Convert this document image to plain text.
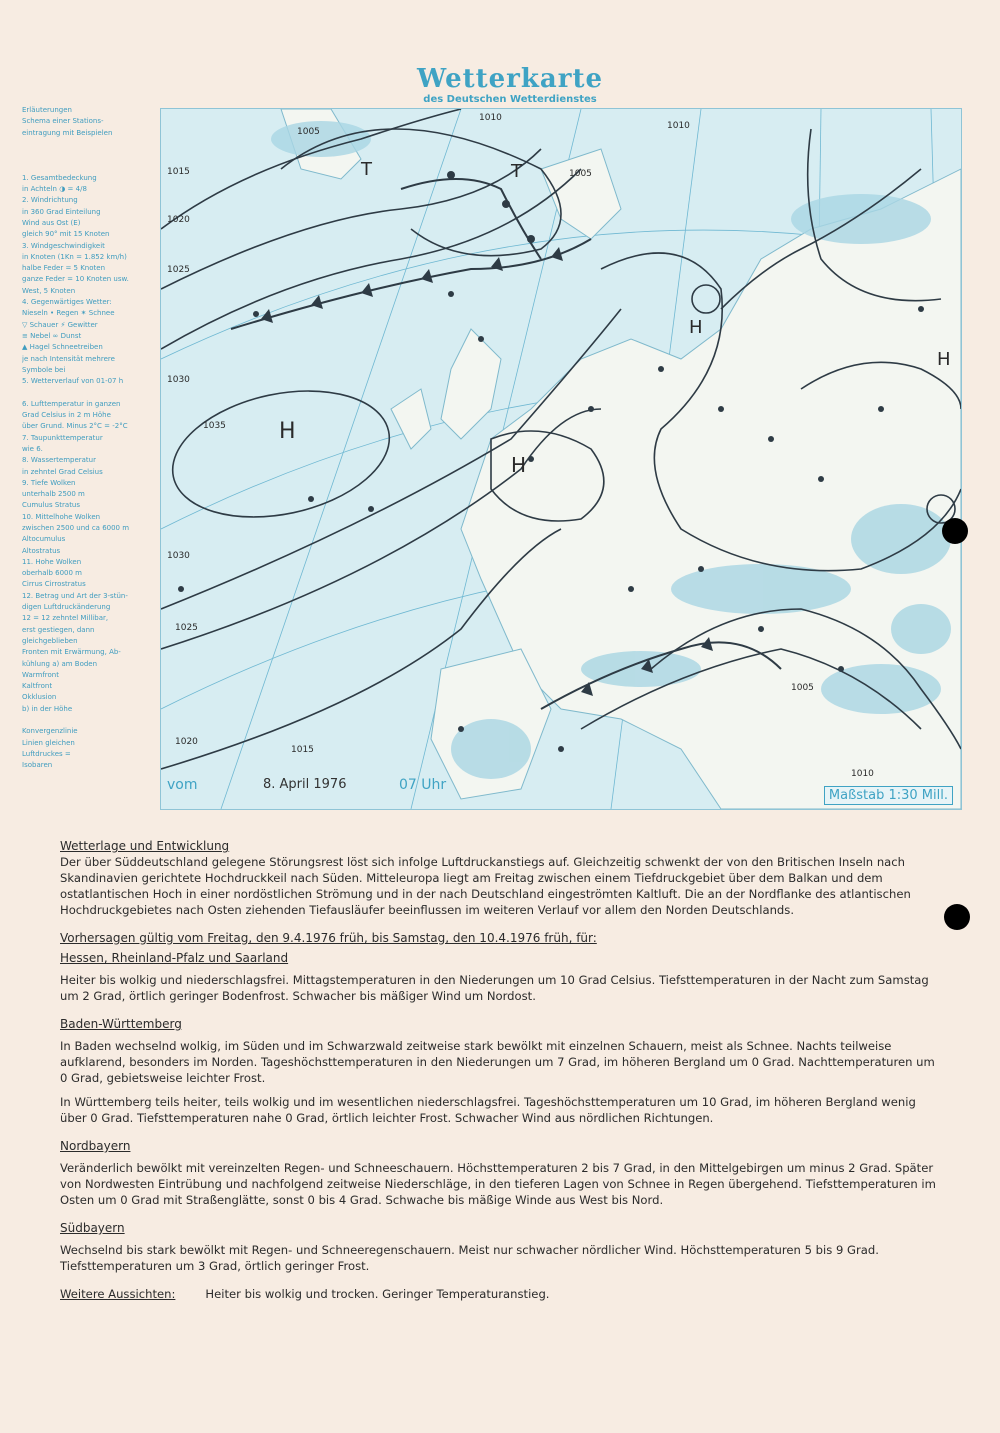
Wetterkarte
des Deutschen Wetterdienstes
Erläuterungen
Schema einer Stations-
eintragung mit Beispielen
1. Gesamtbedeckung
in Achteln ◑ = 4/8
2. Windrichtung
in 360 Grad Einteilung
Wind aus Ost (E)
gleich 90° mit 15 Knoten
3. Windgeschwindigkeit
in Knoten (1Kn = 1.852 km/h)
halbe Feder = 5 Knoten
ganze Feder = 10 Knoten usw.
West, 5 Knoten
4. Gegenwärtiges Wetter:
Nieseln • Regen ✶ Schnee
▽ Schauer ⚡ Gewitter
≡ Nebel ∞ Dunst
▲ Hagel Schneetreiben
je nach Intensität mehrere
Symbole bei
5. Wetterverlauf von 01-07 h
6. Lufttemperatur in ganzen
Grad Celsius in 2 m Höhe
über Grund. Minus 2°C = -2°C
7. Taupunkttemperatur
wie 6.
8. Wassertemperatur
in zehntel Grad Celsius
9. Tiefe Wolken
unterhalb 2500 m
Cumulus Stratus
10. Mittelhohe Wolken
zwischen 2500 und ca 6000 m
Altocumulus
Altostratus
11. Hohe Wolken
oberhalb 6000 m
Cirrus Cirrostratus
12. Betrag und Art der 3-stün-
digen Luftdruckänderung
12 = 12 zehntel Millibar,
erst gestiegen, dann
gleichgeblieben
Fronten mit Erwärmung, Ab-
kühlung a) am Boden
Warmfront
Kaltfront
Okklusion
b) in der Höhe
Konvergenzlinie
Linien gleichen
Luftdruckes =
Isobaren
1015
1020
1025
1030
1035
1030
1025
1020
1015
1010
1005
1005
1010
1005
1010
H
H
T	T
H
H
vom	8. April 1976	07 Uhr
Maßstab 1:30 Mill.
Wetterlage und Entwicklung

Der über Süddeutschland gelegene Störungsrest löst sich infolge Luftdruckanstiegs auf. Gleichzeitig schwenkt der von den Britischen Inseln nach Skandinavien gerichtete Hochdruckkeil nach Süden. Mitteleuropa liegt am Freitag zwischen einem Tiefdruckgebiet über dem Balkan und dem ostatlantischen Hoch in einer nordöstlichen Strömung und in der nach Deutschland eingeströmten Kaltluft. Die an der Nordflanke des atlantischen Hochdruckgebietes nach Osten ziehenden Tiefausläufer beeinflussen im weiteren Verlauf vor allem den Norden Deutschlands.

Vorhersagen gültig vom Freitag, den 9.4.1976 früh, bis Samstag, den 10.4.1976 früh, für:
Hessen, Rheinland-Pfalz und Saarland

Heiter bis wolkig und niederschlagsfrei. Mittagstemperaturen in den Niederungen um 10 Grad Celsius. Tiefsttemperaturen in der Nacht zum Samstag um 2 Grad, örtlich geringer Bodenfrost. Schwacher bis mäßiger Wind um Nordost.

Baden-Württemberg

In Baden wechselnd wolkig, im Süden und im Schwarzwald zeitweise stark bewölkt mit einzelnen Schauern, meist als Schnee. Nachts teilweise aufklarend, besonders im Norden. Tageshöchsttemperaturen in den Niederungen um 7 Grad, im höheren Bergland um 0 Grad. Nachttemperaturen um 0 Grad, gebietsweise leichter Frost.

In Württemberg teils heiter, teils wolkig und im wesentlichen niederschlagsfrei. Tageshöchsttemperaturen um 10 Grad, im höheren Bergland wenig über 0 Grad. Tiefsttemperaturen nahe 0 Grad, örtlich leichter Frost. Schwacher Wind aus nördlichen Richtungen.

Nordbayern

Veränderlich bewölkt mit vereinzelten Regen- und Schneeschauern. Höchsttemperaturen 2 bis 7 Grad, in den Mittelgebirgen um minus 2 Grad. Später von Nordwesten Eintrübung und nachfolgend zeitweise Niederschläge, in den tieferen Lagen von Schnee in Regen übergehend. Tiefsttemperaturen im Osten um 0 Grad mit Straßenglätte, sonst 0 bis 4 Grad. Schwache bis mäßige Winde aus West bis Nord.

Südbayern

Wechselnd bis stark bewölkt mit Regen- und Schneeregenschauern. Meist nur schwacher nördlicher Wind. Höchsttemperaturen 5 bis 9 Grad. Tiefsttemperaturen um 3 Grad, örtlich geringer Frost.

Weitere Aussichten:	Heiter bis wolkig und trocken. Geringer Temperaturanstieg.
